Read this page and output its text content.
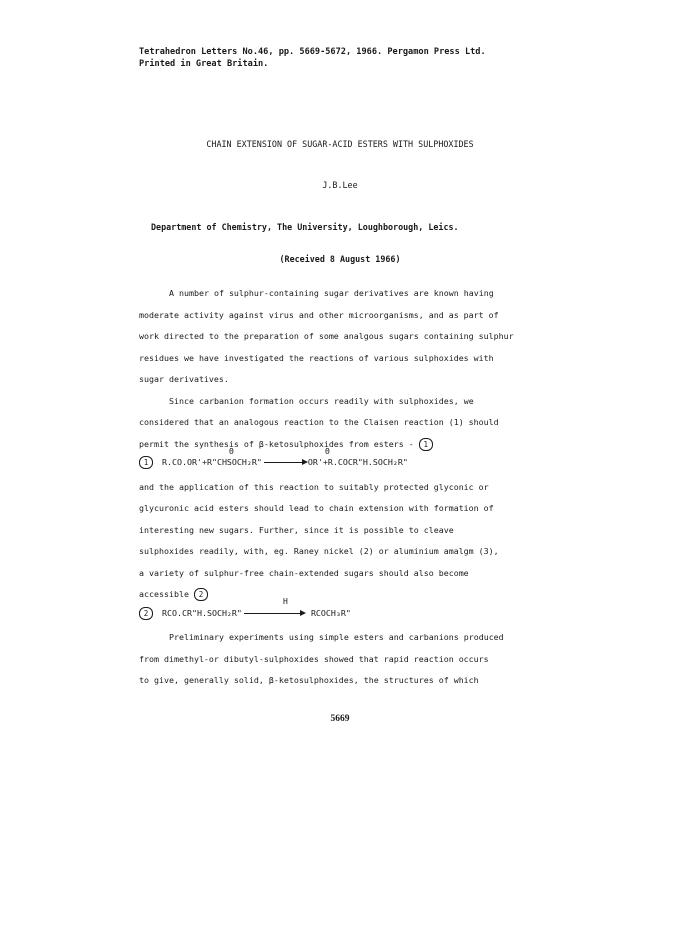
Tetrahedron Letters No.46, pp. 5669-5672, 1966. Pergamon Press Ltd.
Printed in Great Britain.
CHAIN EXTENSION OF SUGAR-ACID ESTERS WITH SULPHOXIDES
J.B.Lee
Department of Chemistry, The University, Loughborough, Leics.
(Received 8 August 1966)

A number of sulphur-containing sugar derivatives are known having

moderate activity against virus and other microorganisms, and as part of

work directed to the preparation of some analgous sugars containing sulphur

residues we have investigated the reactions of various sulphoxides with

sugar derivatives.

Since carbanion formation occurs readily with sulphoxides, we

considered that an analogous reaction to the Claisen reaction (1) should

permit the synthesis of β-ketosulphoxides from esters - 1

and the application of this reaction to suitably protected glyconic or

glycuronic acid esters should lead to chain extension with formation of

interesting new sugars. Further, since it is possible to cleave

sulphoxides readily, with, eg. Raney nickel (2) or aluminium amalgm (3),

a variety of sulphur-free chain-extended sugars should also become

accessible 2

Preliminary experiments using simple esters and carbanions produced

from dimethyl-or dibutyl-sulphoxides showed that rapid reaction occurs

to give, generally solid, β-ketosulphoxides, the structures of which

Θ	Θ
1 R.CO.OR'+R"CHSOCH₂R"	OR'+R.COCR"H.SOCH₂R"
H
2 RCO.CR"H.SOCH₂R"	RCOCH₃R"
5669
